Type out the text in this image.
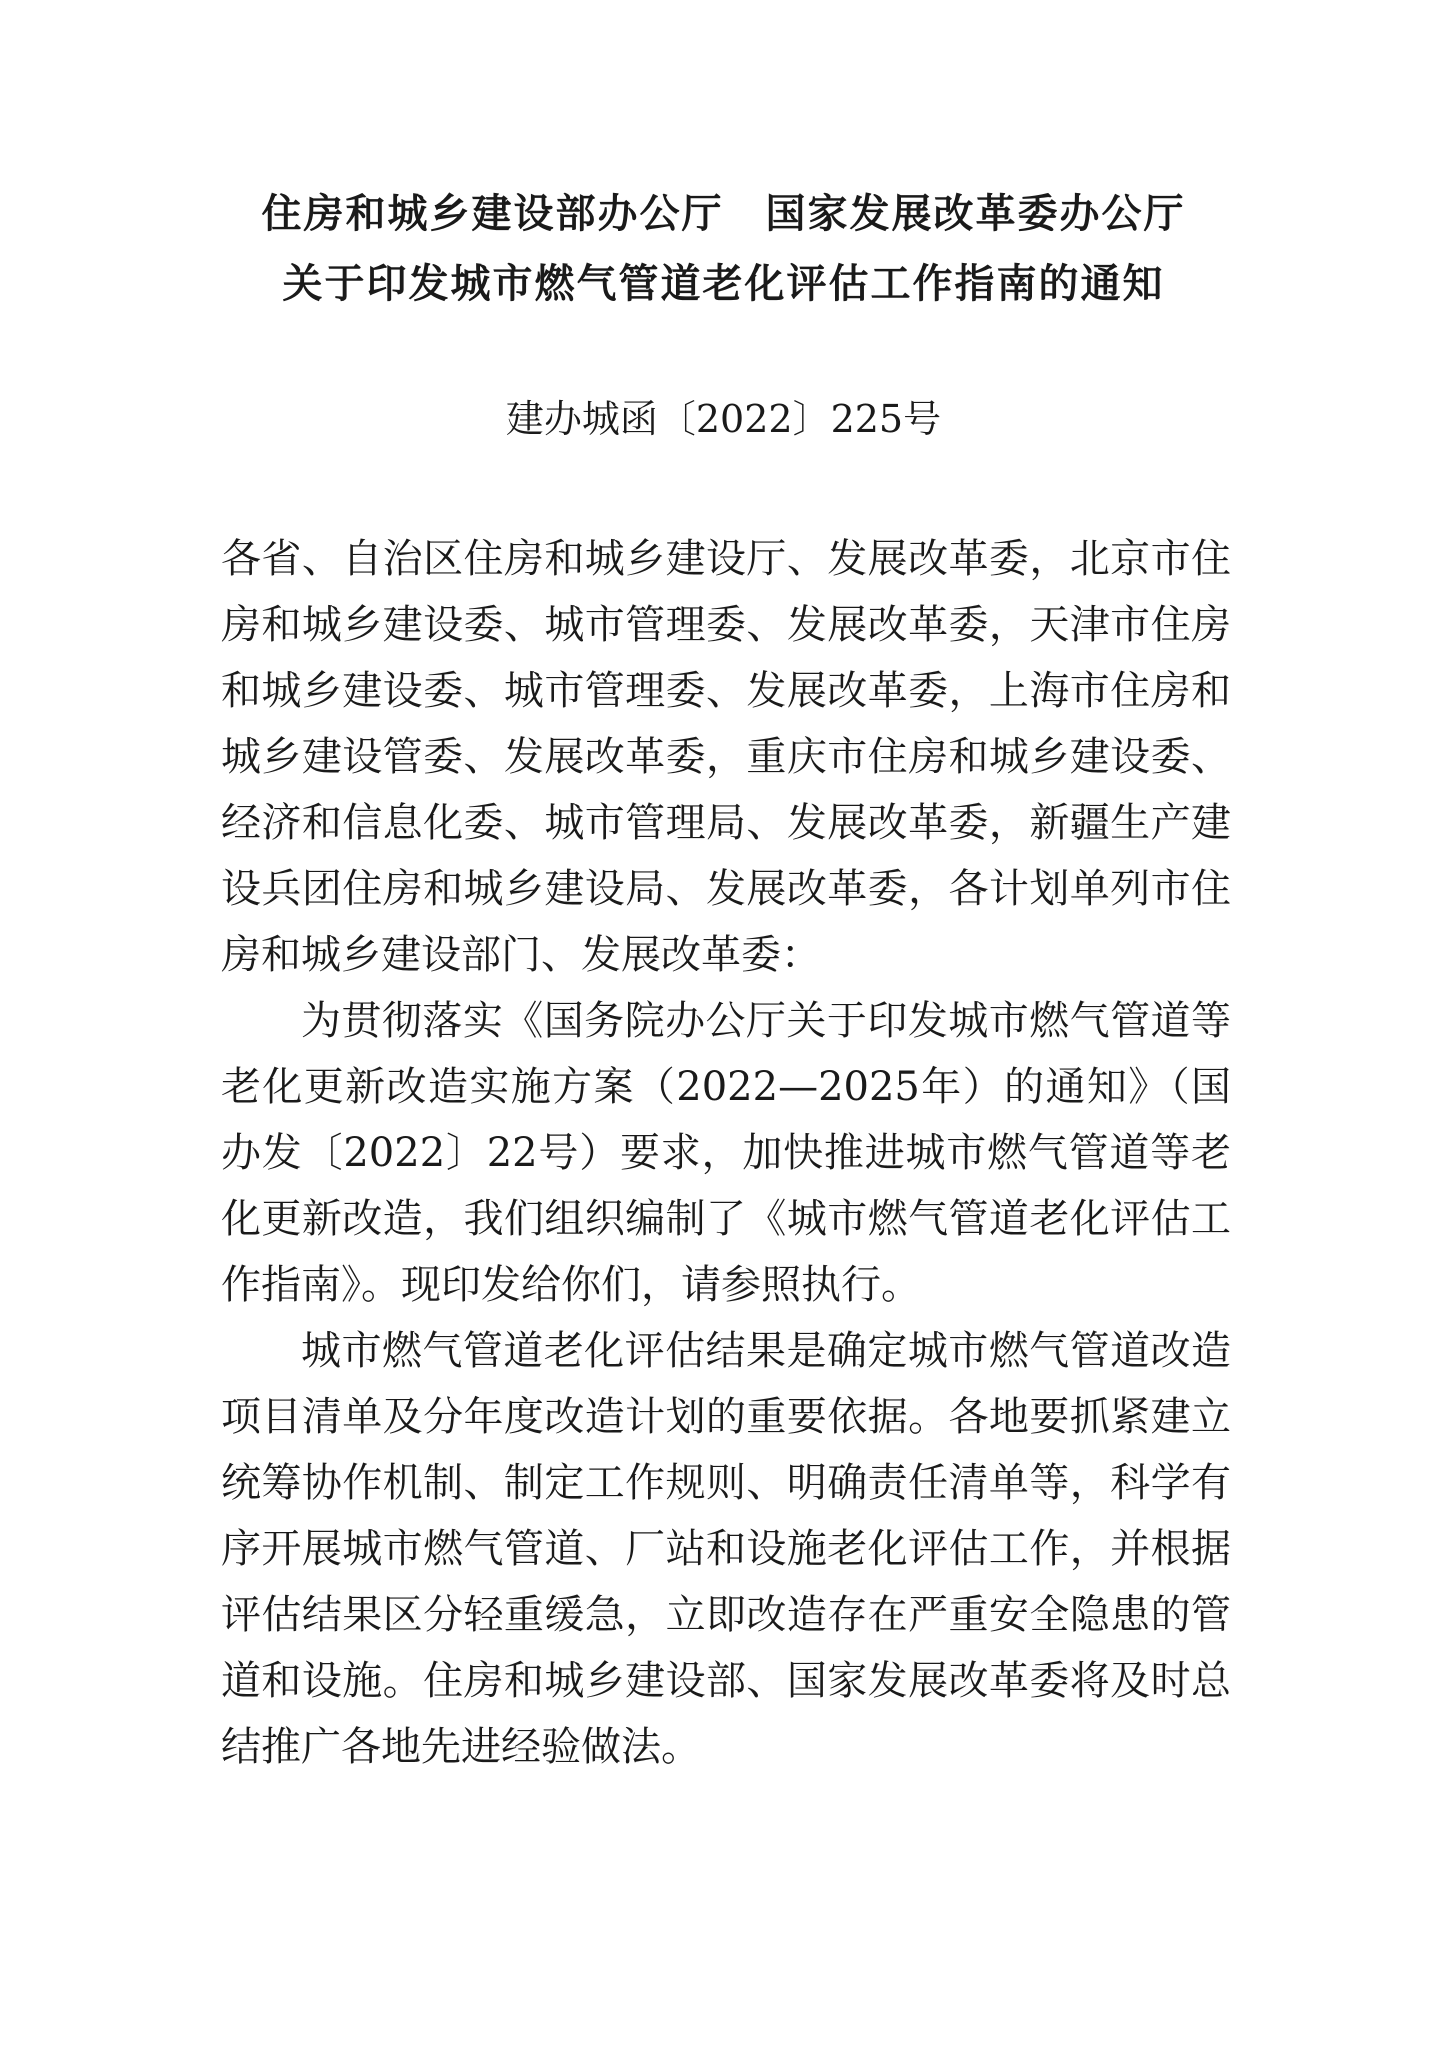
住房和城乡建设部办公厅　国家发展改革委办公厅
关于印发城市燃气管道老化评估工作指南的通知
建办城函〔2022〕225号

各省、自治区住房和城乡建设厅、发展改革委，北京市住房和城乡建设委、城市管理委、发展改革委，天津市住房和城乡建设委、城市管理委、发展改革委，上海市住房和城乡建设管委、发展改革委，重庆市住房和城乡建设委、经济和信息化委、城市管理局、发展改革委，新疆生产建设兵团住房和城乡建设局、发展改革委，各计划单列市住房和城乡建设部门、发展改革委：

为贯彻落实《国务院办公厅关于印发城市燃气管道等老化更新改造实施方案（2022—2025年）的通知》（国办发〔2022〕22号）要求，加快推进城市燃气管道等老化更新改造，我们组织编制了《城市燃气管道老化评估工作指南》。现印发给你们，请参照执行。

城市燃气管道老化评估结果是确定城市燃气管道改造项目清单及分年度改造计划的重要依据。各地要抓紧建立统筹协作机制、制定工作规则、明确责任清单等，科学有序开展城市燃气管道、厂站和设施老化评估工作，并根据评估结果区分轻重缓急，立即改造存在严重安全隐患的管道和设施。住房和城乡建设部、国家发展改革委将及时总结推广各地先进经验做法。
